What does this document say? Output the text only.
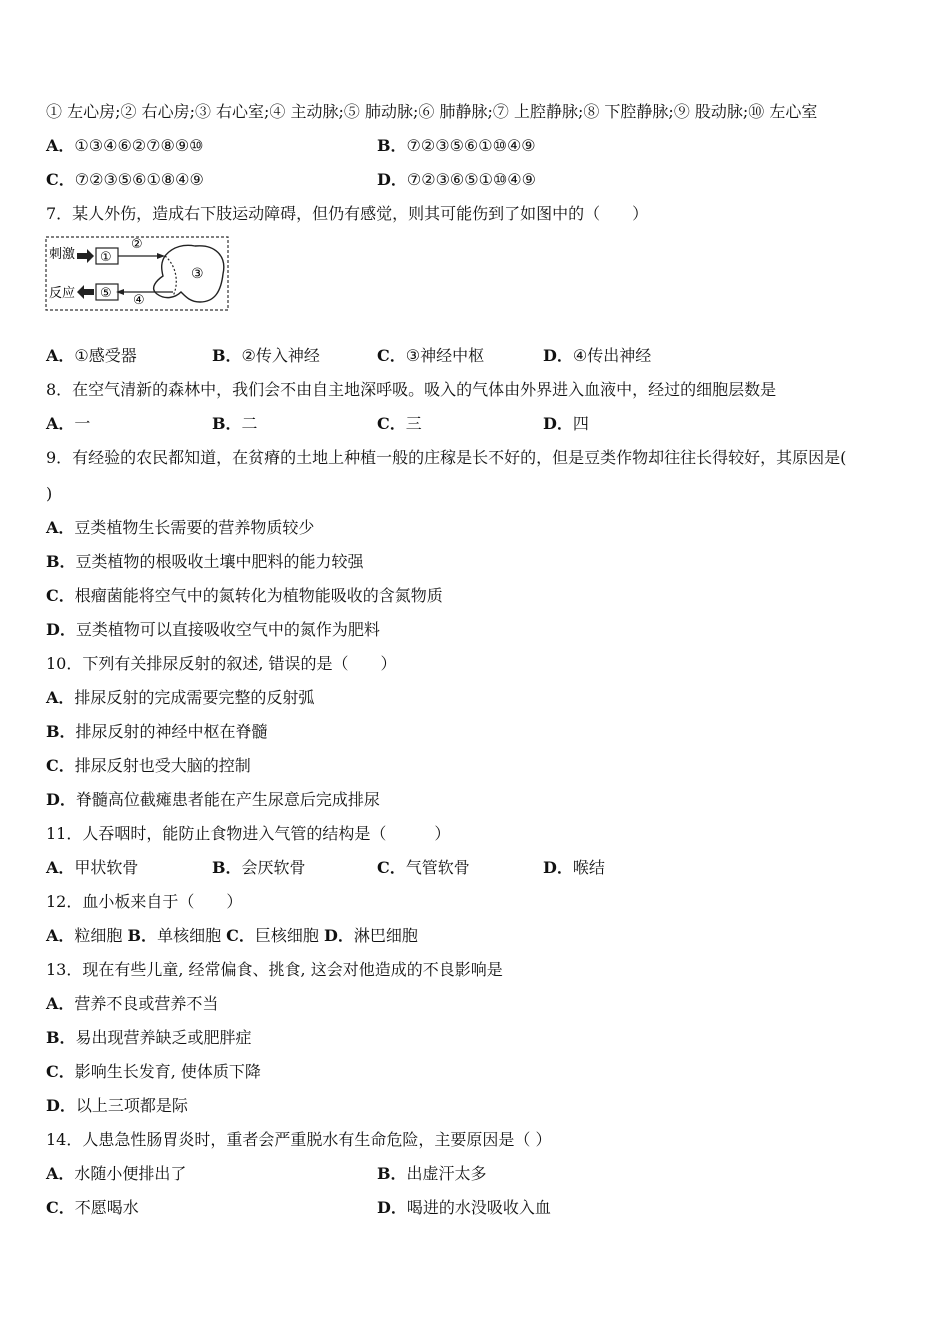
① 左心房;② 右心房;③ 右心室;④ 主动脉;⑤ 肺动脉;⑥ 肺静脉;⑦ 上腔静脉;⑧ 下腔静脉;⑨ 股动脉;⑩ 左心室
A．①③④⑥②⑦⑧⑨⑩	B．⑦②③⑤⑥①⑩④⑨
C．⑦②③⑤⑥①⑧④⑨	D．⑦②③⑥⑤①⑩④⑨
7．某人外伤，造成右下肢运动障碍，但仍有感觉，则其可能伤到了如图中的（　　）
刺激 ①
②
③
④
⑤
反应
A．①感受器	B．②传入神经	C．③神经中枢	D．④传出神经
8．在空气清新的森林中，我们会不由自主地深呼吸。吸入的气体由外界进入血液中，经过的细胞层数是
A．一	B．二	C．三	D．四
9．有经验的农民都知道，在贫瘠的土地上种植一般的庄稼是长不好的，但是豆类作物却往往长得较好，其原因是(
)
A．豆类植物生长需要的营养物质较少
B．豆类植物的根吸收土壤中肥料的能力较强
C．根瘤菌能将空气中的氮转化为植物能吸收的含氮物质
D．豆类植物可以直接吸收空气中的氮作为肥料
10．下列有关排尿反射的叙述, 错误的是（　　）
A．排尿反射的完成需要完整的反射弧
B．排尿反射的神经中枢在脊髓
C．排尿反射也受大脑的控制
D．脊髓高位截瘫患者能在产生尿意后完成排尿
11．人吞咽时，能防止食物进入气管的结构是（　　　）
A．甲状软骨	B．会厌软骨	C．气管软骨	D．喉结
12．血小板来自于（　　）
A．粒细胞 B．单核细胞 C．巨核细胞 D．淋巴细胞
13．现在有些儿童, 经常偏食、挑食, 这会对他造成的不良影响是
A．营养不良或营养不当
B．易出现营养缺乏或肥胖症
C．影响生长发育, 使体质下降
D．以上三项都是际
14．人患急性肠胃炎时，重者会严重脱水有生命危险，主要原因是（ ）
A．水随小便排出了	B．出虚汗太多
C．不愿喝水	D．喝进的水没吸收入血
